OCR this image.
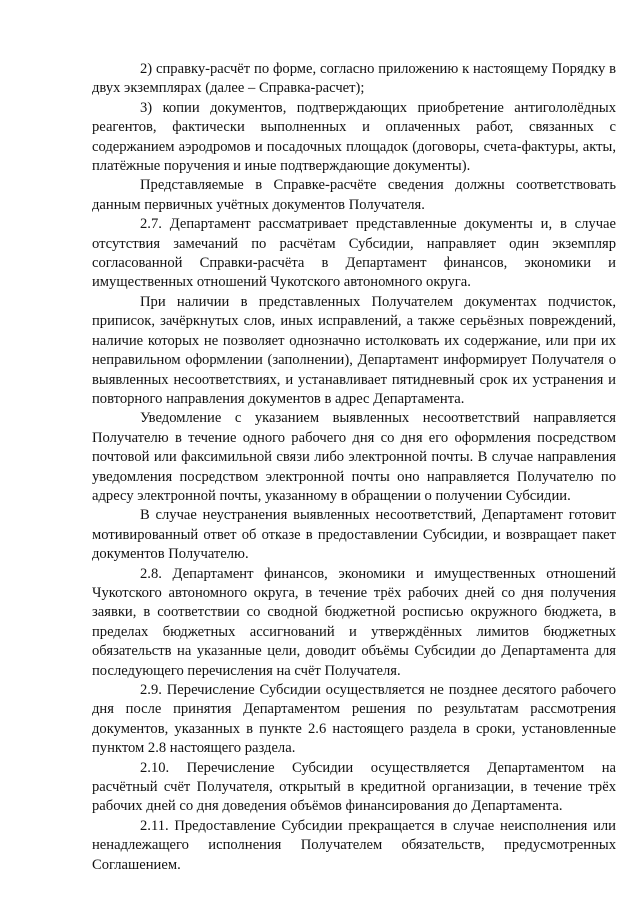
2) справку-расчёт по форме, согласно приложению к настоящему Порядку в двух экземплярах (далее – Справка-расчет);

3) копии документов, подтверждающих приобретение антигололёдных реагентов, фактически выполненных и оплаченных работ, связанных с содержанием аэродромов и посадочных площадок (договоры, счета-фактуры, акты, платёжные поручения и иные подтверждающие документы).

Представляемые в Справке-расчёте сведения должны соответствовать данным первичных учётных документов Получателя.

2.7. Департамент рассматривает представленные документы и, в случае отсутствия замечаний по расчётам Субсидии, направляет один экземпляр согласованной Справки-расчёта в Департамент финансов, экономики и имущественных отношений Чукотского автономного округа.

При наличии в представленных Получателем документах подчисток, приписок, зачёркнутых слов, иных исправлений, а также серьёзных повреждений, наличие которых не позволяет однозначно истолковать их содержание, или при их неправильном оформлении (заполнении), Департамент информирует Получателя о выявленных несоответствиях, и устанавливает пятидневный срок их устранения и повторного направления документов в адрес Департамента.

Уведомление с указанием выявленных несоответствий направляется Получателю в течение одного рабочего дня со дня его оформления посредством почтовой или факсимильной связи либо электронной почты. В случае направления уведомления посредством электронной почты оно направляется Получателю по адресу электронной почты, указанному в обращении о получении Субсидии.

В случае неустранения выявленных несоответствий, Департамент готовит мотивированный ответ об отказе в предоставлении Субсидии, и возвращает пакет документов Получателю.

2.8. Департамент финансов, экономики и имущественных отношений Чукотского автономного округа, в течение трёх рабочих дней со дня получения заявки, в соответствии со сводной бюджетной росписью окружного бюджета, в пределах бюджетных ассигнований и утверждённых лимитов бюджетных обязательств на указанные цели, доводит объёмы Субсидии до Департамента для последующего перечисления на счёт Получателя.

2.9. Перечисление Субсидии осуществляется не позднее десятого рабочего дня после принятия Департаментом решения по результатам рассмотрения документов, указанных в пункте 2.6 настоящего раздела в сроки, установленные пунктом 2.8 настоящего раздела.

2.10. Перечисление Субсидии осуществляется Департаментом на расчётный счёт Получателя, открытый в кредитной организации, в течение трёх рабочих дней со дня доведения объёмов финансирования до Департамента.

2.11. Предоставление Субсидии прекращается в случае неисполнения или ненадлежащего исполнения Получателем обязательств, предусмотренных Соглашением.
